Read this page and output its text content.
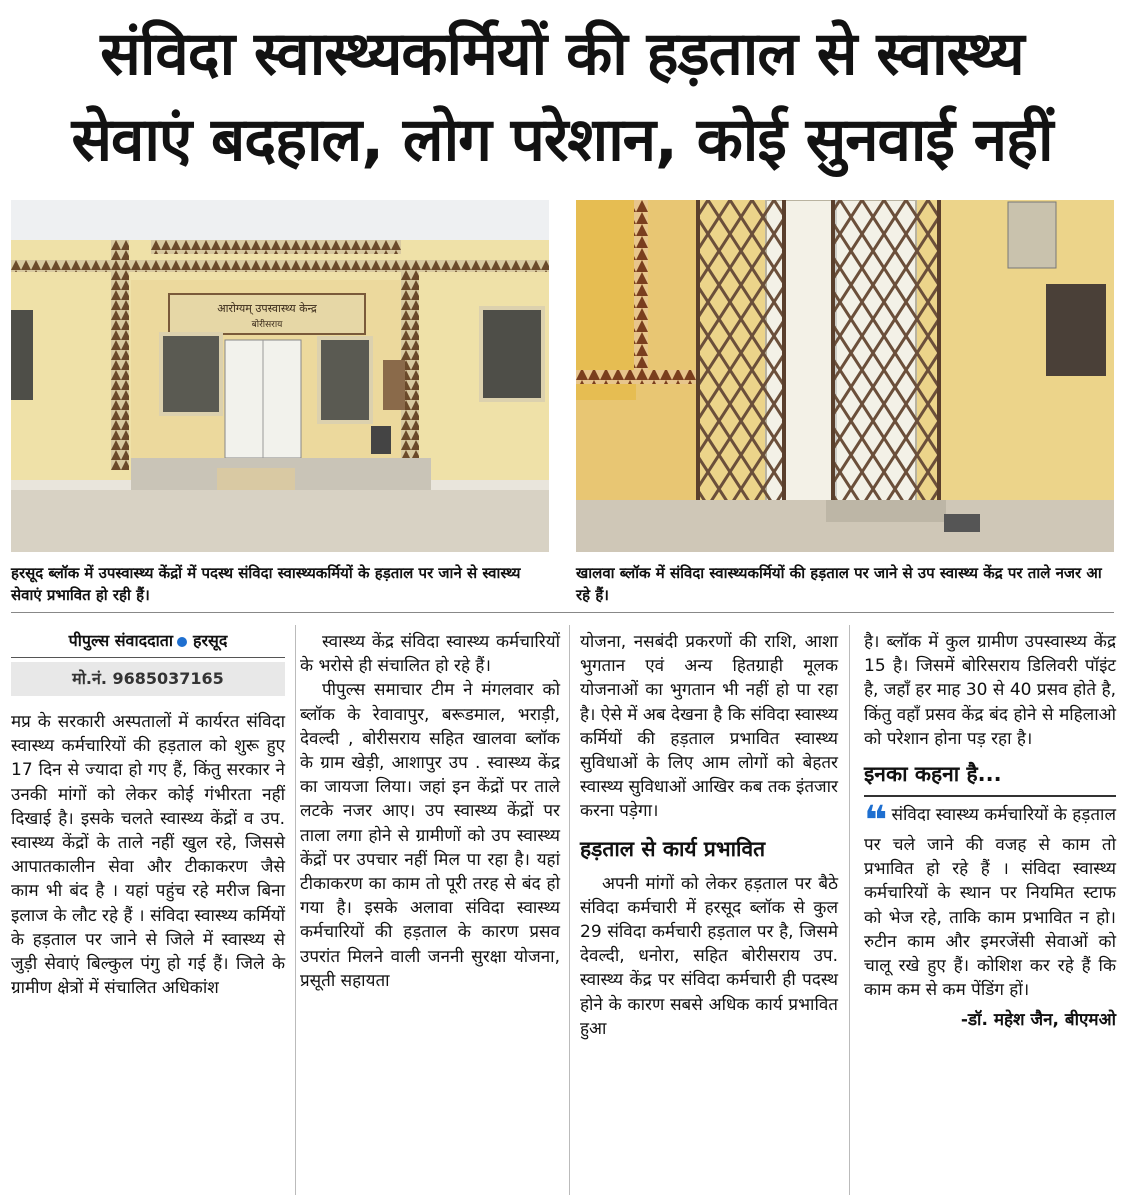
संविदा स्वास्थ्यकर्मियों की हड़ताल से स्वास्थ्य
सेवाएं बदहाल, लोग परेशान, कोई सुनवाई नहीं
आरोग्यम् उपस्वास्थ्य केन्द्र
बोरीसराय
हरसूद ब्लॉक में उपस्वास्थ्य केंद्रों में पदस्थ संविदा स्वास्थ्यकर्मियों के हड़ताल पर जाने से स्वास्थ्य सेवाएं प्रभावित हो रही हैं।
खालवा ब्लॉक में संविदा स्वास्थ्यकर्मियों की हड़ताल पर जाने से उप स्वास्थ्य केंद्र पर ताले नजर आ रहे हैं।
पीपुल्स संवाददाता हरसूद
मो.नं. 9685037165

मप्र के सरकारी अस्पतालों में कार्यरत संविदा स्वास्थ्य कर्मचारियों की हड़ताल को शुरू हुए 17 दिन से ज्यादा हो गए हैं, किंतु सरकार ने उनकी मांगों को लेकर कोई गंभीरता नहीं दिखाई है। इसके चलते स्वास्थ्य केंद्रों व उप. स्वास्थ्य केंद्रों के ताले नहीं खुल रहे, जिससे आपातकालीन सेवा और टीकाकरण जैसे काम भी बंद है । यहां पहुंच रहे मरीज बिना इलाज के लौट रहे हैं । संविदा स्वास्थ्य कर्मियों के हड़ताल पर जाने से जिले में स्वास्थ्य से जुड़ी सेवाएं बिल्कुल पंगु हो गई हैं। जिले के ग्रामीण क्षेत्रों में संचालित अधिकांश

स्वास्थ्य केंद्र संविदा स्वास्थ्य कर्मचारियों के भरोसे ही संचालित हो रहे हैं।

पीपुल्स समाचार टीम ने मंगलवार को ब्लॉक के रेवावापुर, बरूडमाल, भराड़ी, देवल्दी , बोरीसराय सहित खालवा ब्लॉक के ग्राम खेड़ी, आशापुर उप . स्वास्थ्य केंद्र का जायजा लिया। जहां इन केंद्रों पर ताले लटके नजर आए। उप स्वास्थ्य केंद्रों पर ताला लगा होने से ग्रामीणों को उप स्वास्थ्य केंद्रों पर उपचार नहीं मिल पा रहा है। यहां टीकाकरण का काम तो पूरी तरह से बंद हो गया है। इसके अलावा संविदा स्वास्थ्य कर्मचारियों की हड़ताल के कारण प्रसव उपरांत मिलने वाली जननी सुरक्षा योजना, प्रसूती सहायता

योजना, नसबंदी प्रकरणों की राशि, आशा भुगतान एवं अन्य हितग्राही मूलक योजनाओं का भुगतान भी नहीं हो पा रहा है। ऐसे में अब देखना है कि संविदा स्वास्थ्य कर्मियों की हड़ताल प्रभावित स्वास्थ्य सुविधाओं के लिए आम लोगों को बेहतर स्वास्थ्य सुविधाओं आखिर कब तक इंतजार करना पड़ेगा।

हड़ताल से कार्य प्रभावित

अपनी मांगों को लेकर हड़ताल पर बैठे संविदा कर्मचारी में हरसूद ब्लॉक से कुल 29 संविदा कर्मचारी हड़ताल पर है, जिसमे देवल्दी, धनोरा, सहित बोरीसराय उप. स्वास्थ्य केंद्र पर संविदा कर्मचारी ही पदस्थ होने के कारण सबसे अधिक कार्य प्रभावित हुआ

है। ब्लॉक में कुल ग्रामीण उपस्वास्थ्य केंद्र 15 है। जिसमें बोरिसराय डिलिवरी पॉइंट है, जहाँ हर माह 30 से 40 प्रसव होते है, किंतु वहाँ प्रसव केंद्र बंद होने से महिलाओ को परेशान होना पड़ रहा है।

इनका कहना है...

❝ संविदा स्वास्थ्य कर्मचारियों के हड़ताल पर चले जाने की वजह से काम तो प्रभावित हो रहे हैं । संविदा स्वास्थ्य कर्मचारियों के स्थान पर नियमित स्टाफ को भेज रहे, ताकि काम प्रभावित न हो। रुटीन काम और इमरजेंसी सेवाओं को चालू रखे हुए हैं। कोशिश कर रहे हैं कि काम कम से कम पेंडिंग हों।

-डॉ. महेश जैन, बीएमओ
